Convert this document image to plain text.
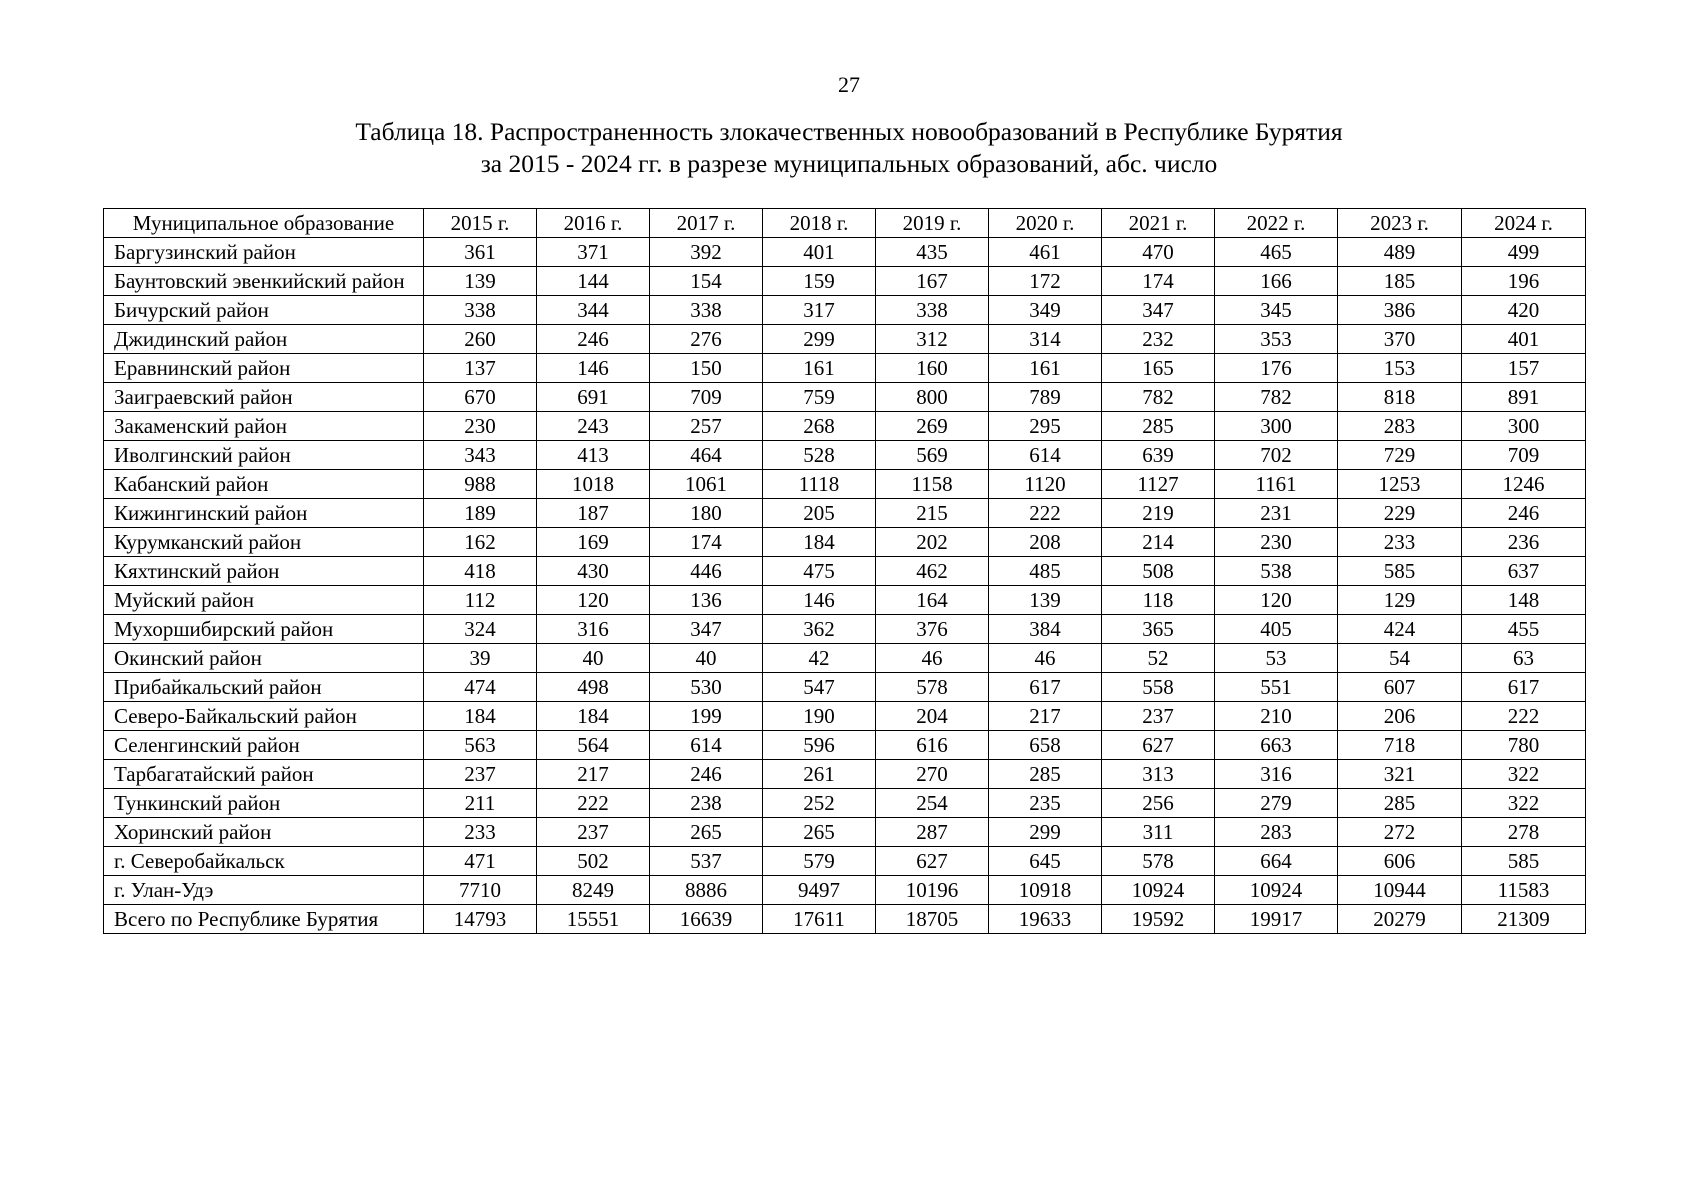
27
Таблица 18. Распространенность злокачественных новообразований в Республике Бурятия
за 2015 - 2024 гг. в разрезе муниципальных образований, абс. число
Муниципальное образование	2015 г.	2016 г.	2017 г.	2018 г.	2019 г.	2020 г.	2021 г.	2022 г.	2023 г.	2024 г.
Баргузинский район	361	371	392	401	435	461	470	465	489	499
Баунтовский эвенкийский район	139	144	154	159	167	172	174	166	185	196
Бичурский район	338	344	338	317	338	349	347	345	386	420
Джидинский район	260	246	276	299	312	314	232	353	370	401
Еравнинский район	137	146	150	161	160	161	165	176	153	157
Заиграевский район	670	691	709	759	800	789	782	782	818	891
Закаменский район	230	243	257	268	269	295	285	300	283	300
Иволгинский район	343	413	464	528	569	614	639	702	729	709
Кабанский район	988	1018	1061	1118	1158	1120	1127	1161	1253	1246
Кижингинский район	189	187	180	205	215	222	219	231	229	246
Курумканский район	162	169	174	184	202	208	214	230	233	236
Кяхтинский район	418	430	446	475	462	485	508	538	585	637
Муйский район	112	120	136	146	164	139	118	120	129	148
Мухоршибирский район	324	316	347	362	376	384	365	405	424	455
Окинский район	39	40	40	42	46	46	52	53	54	63
Прибайкальский район	474	498	530	547	578	617	558	551	607	617
Северо-Байкальский район	184	184	199	190	204	217	237	210	206	222
Селенгинский район	563	564	614	596	616	658	627	663	718	780
Тарбагатайский район	237	217	246	261	270	285	313	316	321	322
Тункинский район	211	222	238	252	254	235	256	279	285	322
Хоринский район	233	237	265	265	287	299	311	283	272	278
г. Северобайкальск	471	502	537	579	627	645	578	664	606	585
г. Улан-Удэ	7710	8249	8886	9497	10196	10918	10924	10924	10944	11583
Всего по Республике Бурятия	14793	15551	16639	17611	18705	19633	19592	19917	20279	21309
